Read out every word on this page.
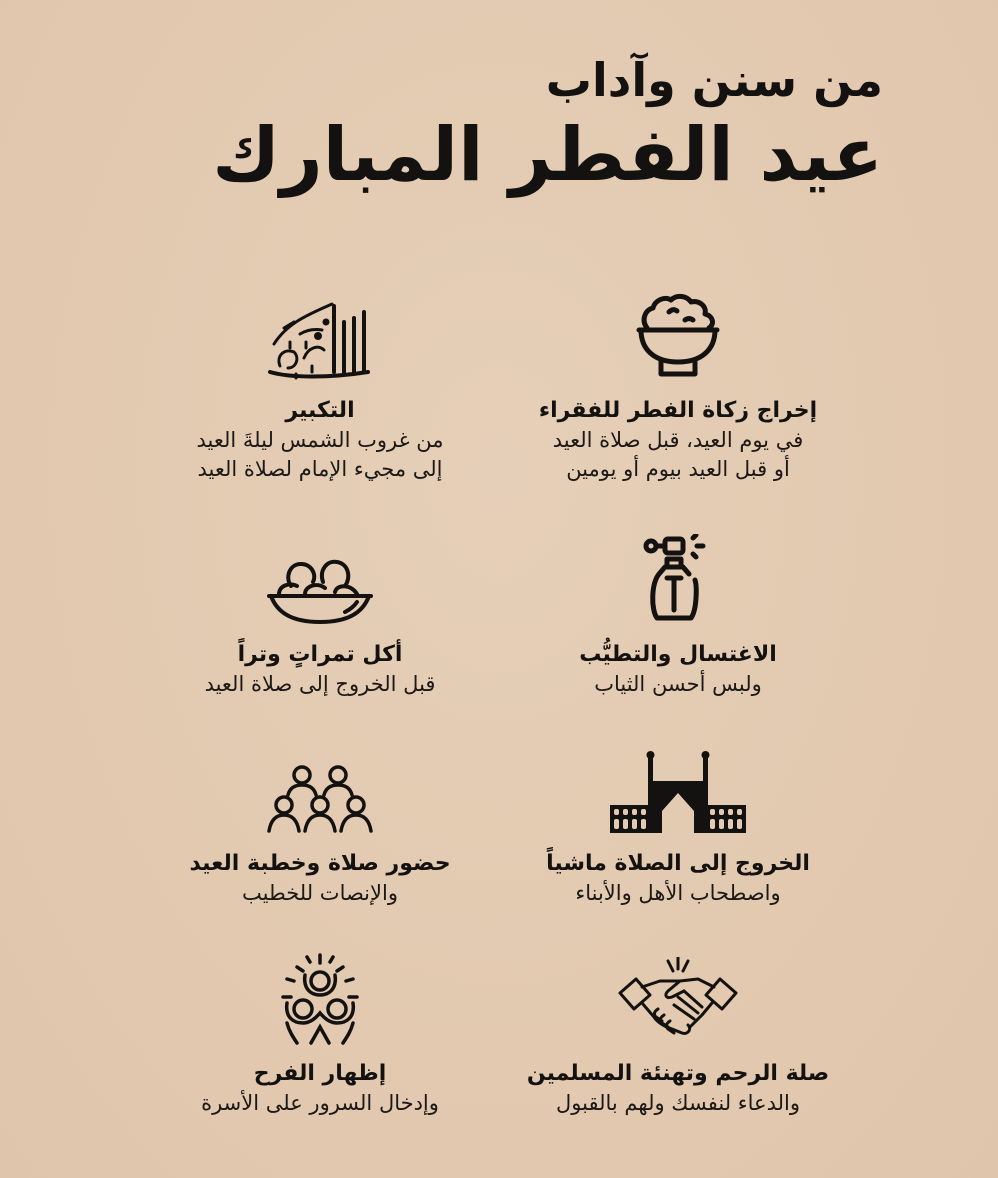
من سنن وآداب
عيد الفطر المبارك
إخراج زكاة الفطر للفقراء
في يوم العيد، قبل صلاة العيد
أو قبل العيد بيوم أو يومين
التكبير
من غروب الشمس ليلةَ العيد
إلى مجيء الإمام لصلاة العيد
الاغتسال والتطيُّب
ولبس أحسن الثياب
أكل تمراتٍ وتراً
قبل الخروج إلى صلاة العيد
الخروج إلى الصلاة ماشياً
واصطحاب الأهل والأبناء
حضور صلاة وخطبة العيد
والإنصات للخطيب
صلة الرحم وتهنئة المسلمين
والدعاء لنفسك ولهم بالقبول
إظهار الفرح
وإدخال السرور على الأسرة
